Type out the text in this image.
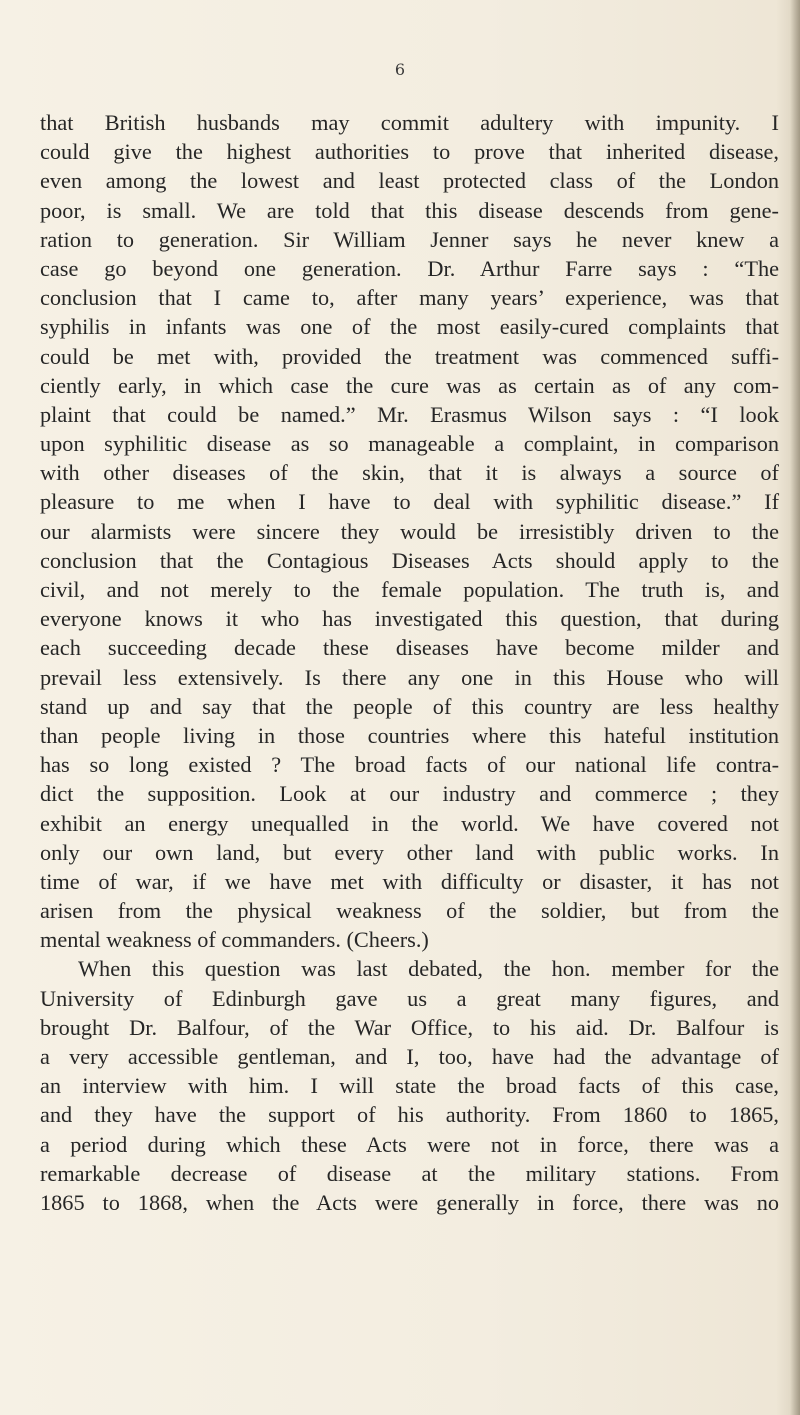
6
that British husbands may commit adultery with impunity. I
could give the highest authorities to prove that inherited disease,
even among the lowest and least protected class of the London
poor, is small. We are told that this disease descends from gene-
ration to generation. Sir William Jenner says he never knew a
case go beyond one generation. Dr. Arthur Farre says : “The
conclusion that I came to, after many years’ experience, was that
syphilis in infants was one of the most easily-cured complaints that
could be met with, provided the treatment was commenced suffi-
ciently early, in which case the cure was as certain as of any com-
plaint that could be named.” Mr. Erasmus Wilson says : “I look
upon syphilitic disease as so manageable a complaint, in comparison
with other diseases of the skin, that it is always a source of
pleasure to me when I have to deal with syphilitic disease.” If
our alarmists were sincere they would be irresistibly driven to the
conclusion that the Contagious Diseases Acts should apply to the
civil, and not merely to the female population. The truth is, and
everyone knows it who has investigated this question, that during
each succeeding decade these diseases have become milder and
prevail less extensively. Is there any one in this House who will
stand up and say that the people of this country are less healthy
than people living in those countries where this hateful institution
has so long existed ? The broad facts of our national life contra-
dict the supposition. Look at our industry and commerce ; they
exhibit an energy unequalled in the world. We have covered not
only our own land, but every other land with public works. In
time of war, if we have met with difficulty or disaster, it has not
arisen from the physical weakness of the soldier, but from the
mental weakness of commanders. (Cheers.)
When this question was last debated, the hon. member for the
University of Edinburgh gave us a great many figures, and
brought Dr. Balfour, of the War Office, to his aid. Dr. Balfour is
a very accessible gentleman, and I, too, have had the advantage of
an interview with him. I will state the broad facts of this case,
and they have the support of his authority. From 1860 to 1865,
a period during which these Acts were not in force, there was a
remarkable decrease of disease at the military stations. From
1865 to 1868, when the Acts were generally in force, there was no
